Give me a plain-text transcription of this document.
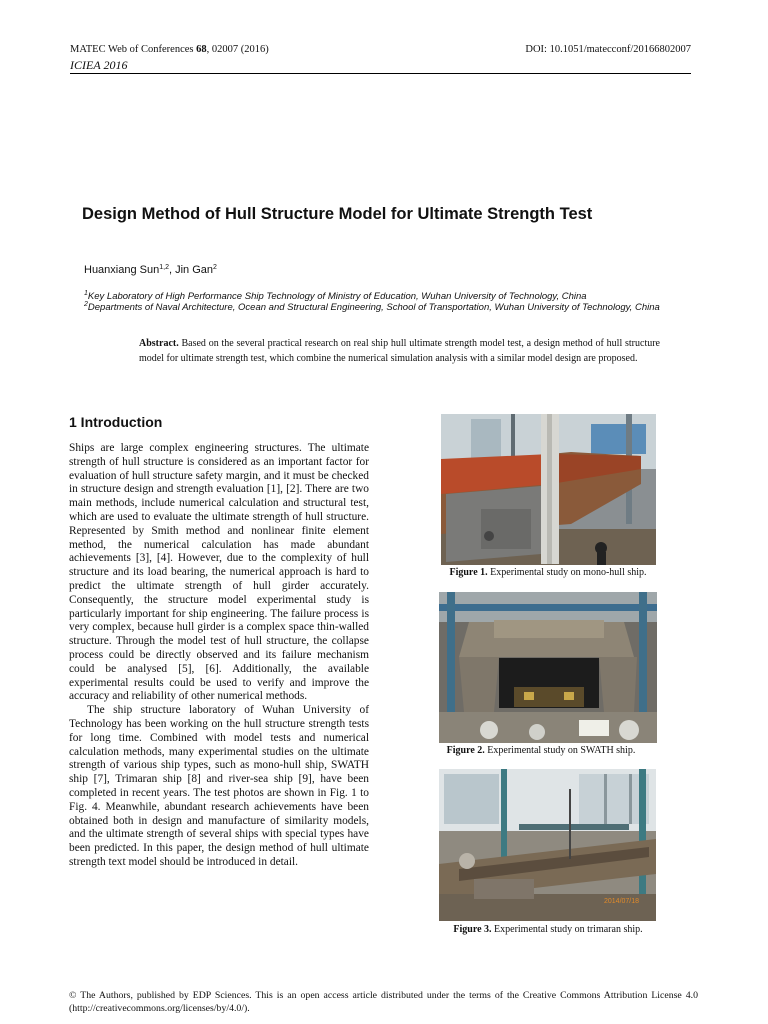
MATEC Web of Conferences 68, 02007 (2016)
ICIEA 2016
DOI: 10.1051/matecconf/20166802007
Design Method of Hull Structure Model for Ultimate Strength Test
Huanxiang Sun$^{1,2}$, Jin Gan$^2$
$^1$Key Laboratory of High Performance Ship Technology of Ministry of Education, Wuhan University of Technology, China
$^2$Departments of Naval Architecture, Ocean and Structural Engineering, School of Transportation, Wuhan University of Technology, China
Abstract. Based on the several practical research on real ship hull ultimate strength model test, a design method of hull structure model for ultimate strength test, which combine the numerical simulation analysis with a similar model design are proposed.
1 Introduction

Ships are large complex engineering structures. The ultimate strength of hull structure is considered as an important factor for evaluation of hull structure safety margin, and it must be checked in structure design and strength evaluation [1], [2]. There are two main methods, include numerical calculation and structural test, which are used to evaluate the ultimate strength of hull structure. Represented by Smith method and nonlinear finite element method, the numerical calculation has made abundant achievements [3], [4]. However, due to the complexity of hull structure and its load bearing, the numerical approach is hard to predict the ultimate strength of hull girder accurately. Consequently, the structure model experimental study is particularly important for ship engineering. The failure process is very complex, because hull girder is a complex space thin-walled structure. Through the model test of hull structure, the collapse process could be directly observed and its failure mechanism could be analysed [5], [6]. Additionally, the available experimental results could be used to verify and improve the accuracy and reliability of other numerical methods.

The ship structure laboratory of Wuhan University of Technology has been working on the hull structure strength tests for long time. Combined with model tests and numerical calculation methods, many experimental studies on the ultimate strength of various ship types, such as mono-hull ship, SWATH ship [7], Trimaran ship [8] and river-sea ship [9], have been completed in recent years. The test photos are shown in Fig. 1 to Fig. 4. Meanwhile, abundant research achievements have been obtained both in design and manufacture of similarity models, and the ultimate strength of several ships with special types have been predicted. In this paper, the design method of hull ultimate strength text model should be introduced in detail.

Figure 1. Experimental study on mono-hull ship.
Figure 2. Experimental study on SWATH ship.
2014/07/18
Figure 3. Experimental study on trimaran ship.
© The Authors, published by EDP Sciences. This is an open access article distributed under the terms of the Creative Commons Attribution License 4.0 (http://creativecommons.org/licenses/by/4.0/).
